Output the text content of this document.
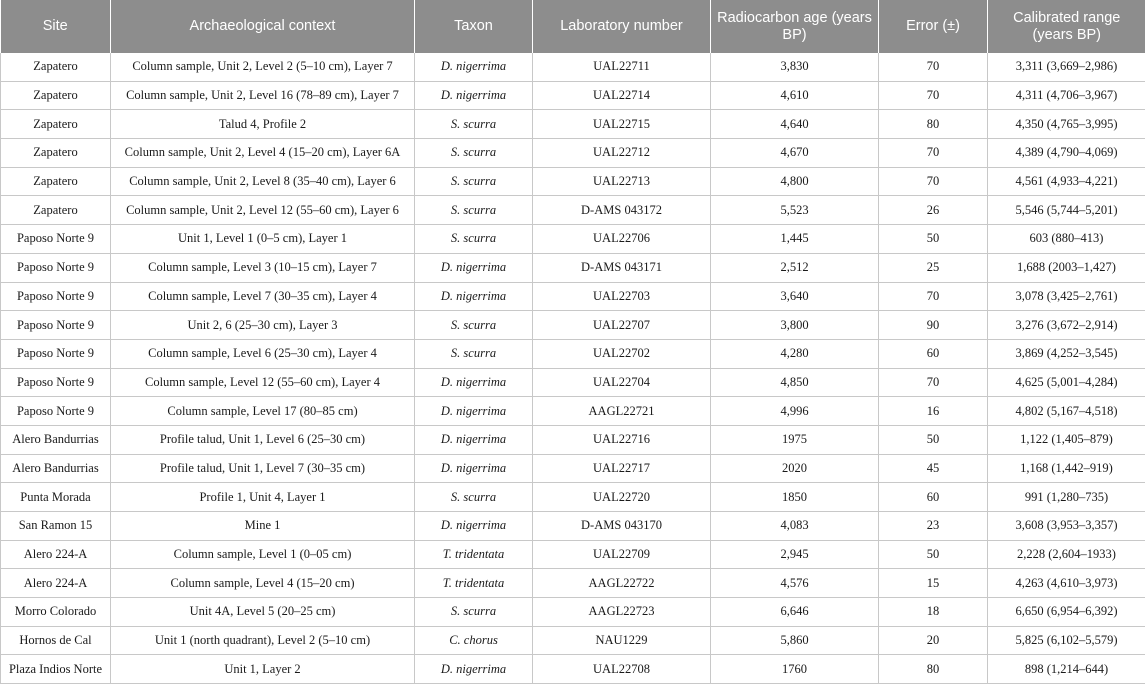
Site	Archaeological context	Taxon	Laboratory number	Radiocarbon age (years BP)	Error (±)	Calibrated range (years BP)
Zapatero	Column sample, Unit 2, Level 2 (5–10 cm), Layer 7	D. nigerrima	UAL22711	3,830	70	3,311 (3,669–2,986)
Zapatero	Column sample, Unit 2, Level 16 (78–89 cm), Layer 7	D. nigerrima	UAL22714	4,610	70	4,311 (4,706–3,967)
Zapatero	Talud 4, Profile 2	S. scurra	UAL22715	4,640	80	4,350 (4,765–3,995)
Zapatero	Column sample, Unit 2, Level 4 (15–20 cm), Layer 6A	S. scurra	UAL22712	4,670	70	4,389 (4,790–4,069)
Zapatero	Column sample, Unit 2, Level 8 (35–40 cm), Layer 6	S. scurra	UAL22713	4,800	70	4,561 (4,933–4,221)
Zapatero	Column sample, Unit 2, Level 12 (55–60 cm), Layer 6	S. scurra	D-AMS 043172	5,523	26	5,546 (5,744–5,201)
Paposo Norte 9	Unit 1, Level 1 (0–5 cm), Layer 1	S. scurra	UAL22706	1,445	50	603 (880–413)
Paposo Norte 9	Column sample, Level 3 (10–15 cm), Layer 7	D. nigerrima	D-AMS 043171	2,512	25	1,688 (2003–1,427)
Paposo Norte 9	Column sample, Level 7 (30–35 cm), Layer 4	D. nigerrima	UAL22703	3,640	70	3,078 (3,425–2,761)
Paposo Norte 9	Unit 2, 6 (25–30 cm), Layer 3	S. scurra	UAL22707	3,800	90	3,276 (3,672–2,914)
Paposo Norte 9	Column sample, Level 6 (25–30 cm), Layer 4	S. scurra	UAL22702	4,280	60	3,869 (4,252–3,545)
Paposo Norte 9	Column sample, Level 12 (55–60 cm), Layer 4	D. nigerrima	UAL22704	4,850	70	4,625 (5,001–4,284)
Paposo Norte 9	Column sample, Level 17 (80–85 cm)	D. nigerrima	AAGL22721	4,996	16	4,802 (5,167–4,518)
Alero Bandurrias	Profile talud, Unit 1, Level 6 (25–30 cm)	D. nigerrima	UAL22716	1975	50	1,122 (1,405–879)
Alero Bandurrias	Profile talud, Unit 1, Level 7 (30–35 cm)	D. nigerrima	UAL22717	2020	45	1,168 (1,442–919)
Punta Morada	Profile 1, Unit 4, Layer 1	S. scurra	UAL22720	1850	60	991 (1,280–735)
San Ramon 15	Mine 1	D. nigerrima	D-AMS 043170	4,083	23	3,608 (3,953–3,357)
Alero 224-A	Column sample, Level 1 (0–05 cm)	T. tridentata	UAL22709	2,945	50	2,228 (2,604–1933)
Alero 224-A	Column sample, Level 4 (15–20 cm)	T. tridentata	AAGL22722	4,576	15	4,263 (4,610–3,973)
Morro Colorado	Unit 4A, Level 5 (20–25 cm)	S. scurra	AAGL22723	6,646	18	6,650 (6,954–6,392)
Hornos de Cal	Unit 1 (north quadrant), Level 2 (5–10 cm)	C. chorus	NAU1229	5,860	20	5,825 (6,102–5,579)
Plaza Indios Norte	Unit 1, Layer 2	D. nigerrima	UAL22708	1760	80	898 (1,214–644)
